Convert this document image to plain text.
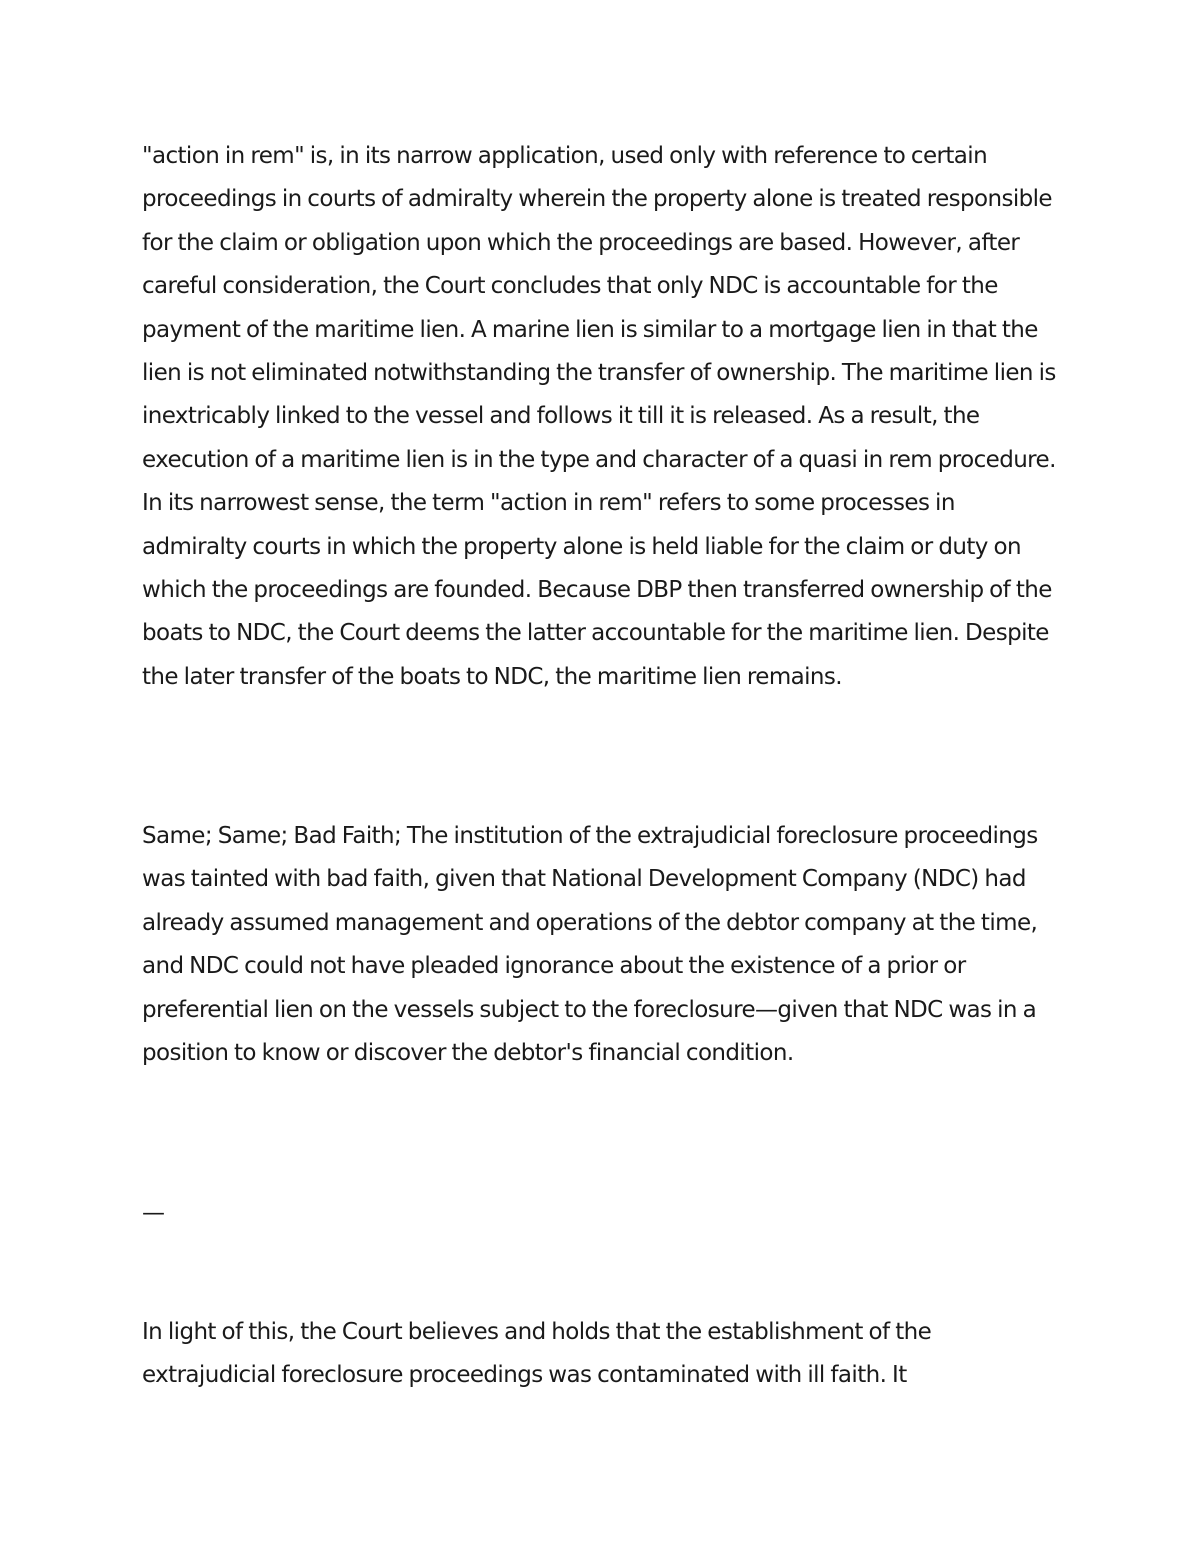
"action in rem" is, in its narrow application, used only with reference to certain proceedings in courts of admiralty wherein the property alone is treated responsible for the claim or obligation upon which the proceedings are based. However, after careful consideration, the Court concludes that only NDC is accountable for the payment of the maritime lien. A marine lien is similar to a mortgage lien in that the lien is not eliminated notwithstanding the transfer of ownership. The maritime lien is inextricably linked to the vessel and follows it till it is released. As a result, the execution of a maritime lien is in the type and character of a quasi in rem procedure. In its narrowest sense, the term "action in rem" refers to some processes in admiralty courts in which the property alone is held liable for the claim or duty on which the proceedings are founded. Because DBP then transferred ownership of the boats to NDC, the Court deems the latter accountable for the maritime lien. Despite the later transfer of the boats to NDC, the maritime lien remains.

Same; Same; Bad Faith; The institution of the extrajudicial foreclosure proceedings was tainted with bad faith, given that National Development Company (NDC) had already assumed management and operations of the debtor company at the time, and NDC could not have pleaded ignorance about the existence of a prior or preferential lien on the vessels subject to the foreclosure—given that NDC was in a position to know or discover the debtor's financial condition.

—

In light of this, the Court believes and holds that the establishment of the extrajudicial foreclosure proceedings was contaminated with ill faith. It
